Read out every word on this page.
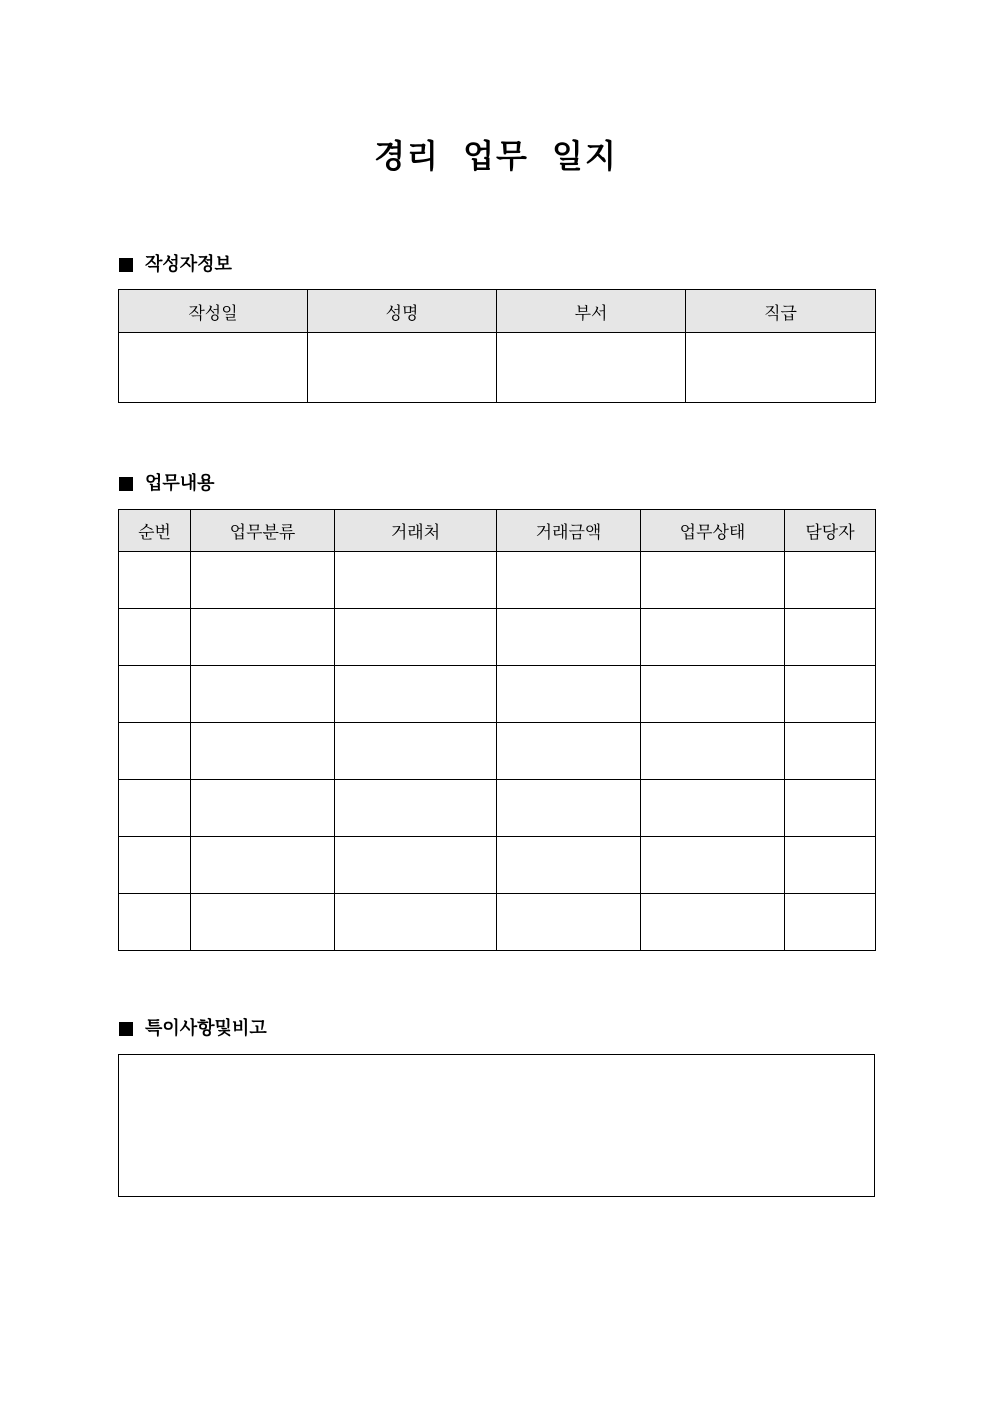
경리 업무 일지
작성자정보
작성일	성명	부서	직급

업무내용
순번	업무분류	거래처	거래금액	업무상태	담당자

특이사항및비고
